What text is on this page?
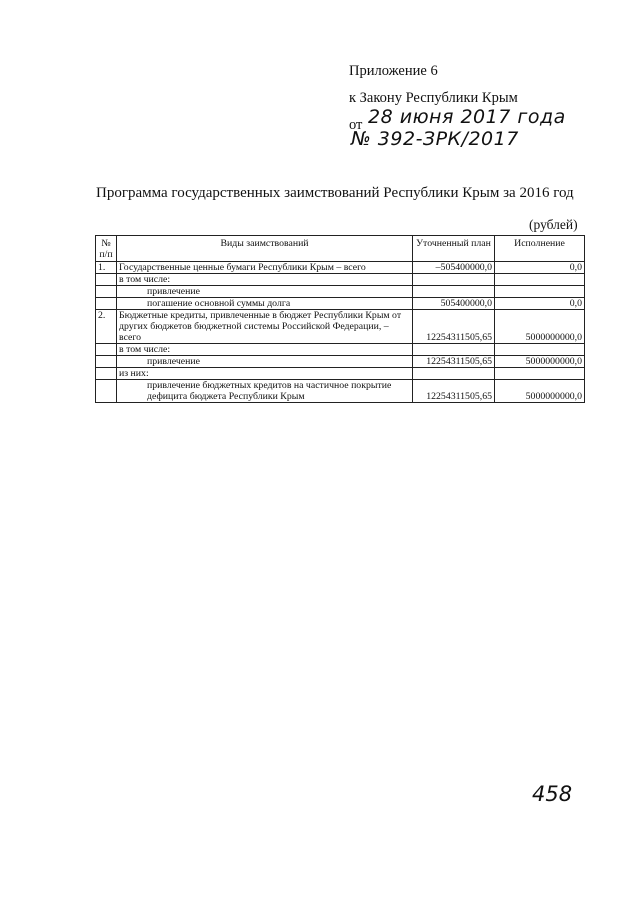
Приложение 6
к Закону Республики Крым
от 28 июня 2017 года
№ 392-ЗРК/2017
Программа государственных заимствований Республики Крым за 2016 год
(рублей)
№ п/п	Виды заимствований	Уточненный план	Исполнение
1.	Государственные ценные бумаги Республики Крым – всего	–505400000,0	0,0
	в том числе:		
	привлечение		
	погашение основной суммы долга	505400000,0	0,0
2.	Бюджетные кредиты, привлеченные в бюджет Республики Крым от других бюджетов бюджетной системы Российской Федерации, – всего	12254311505,65	5000000000,0
	в том числе:		
	привлечение	12254311505,65	5000000000,0
	из них:		
	привлечение бюджетных кредитов на частичное покрытие дефицита бюджета Республики Крым	12254311505,65	5000000000,0
458
